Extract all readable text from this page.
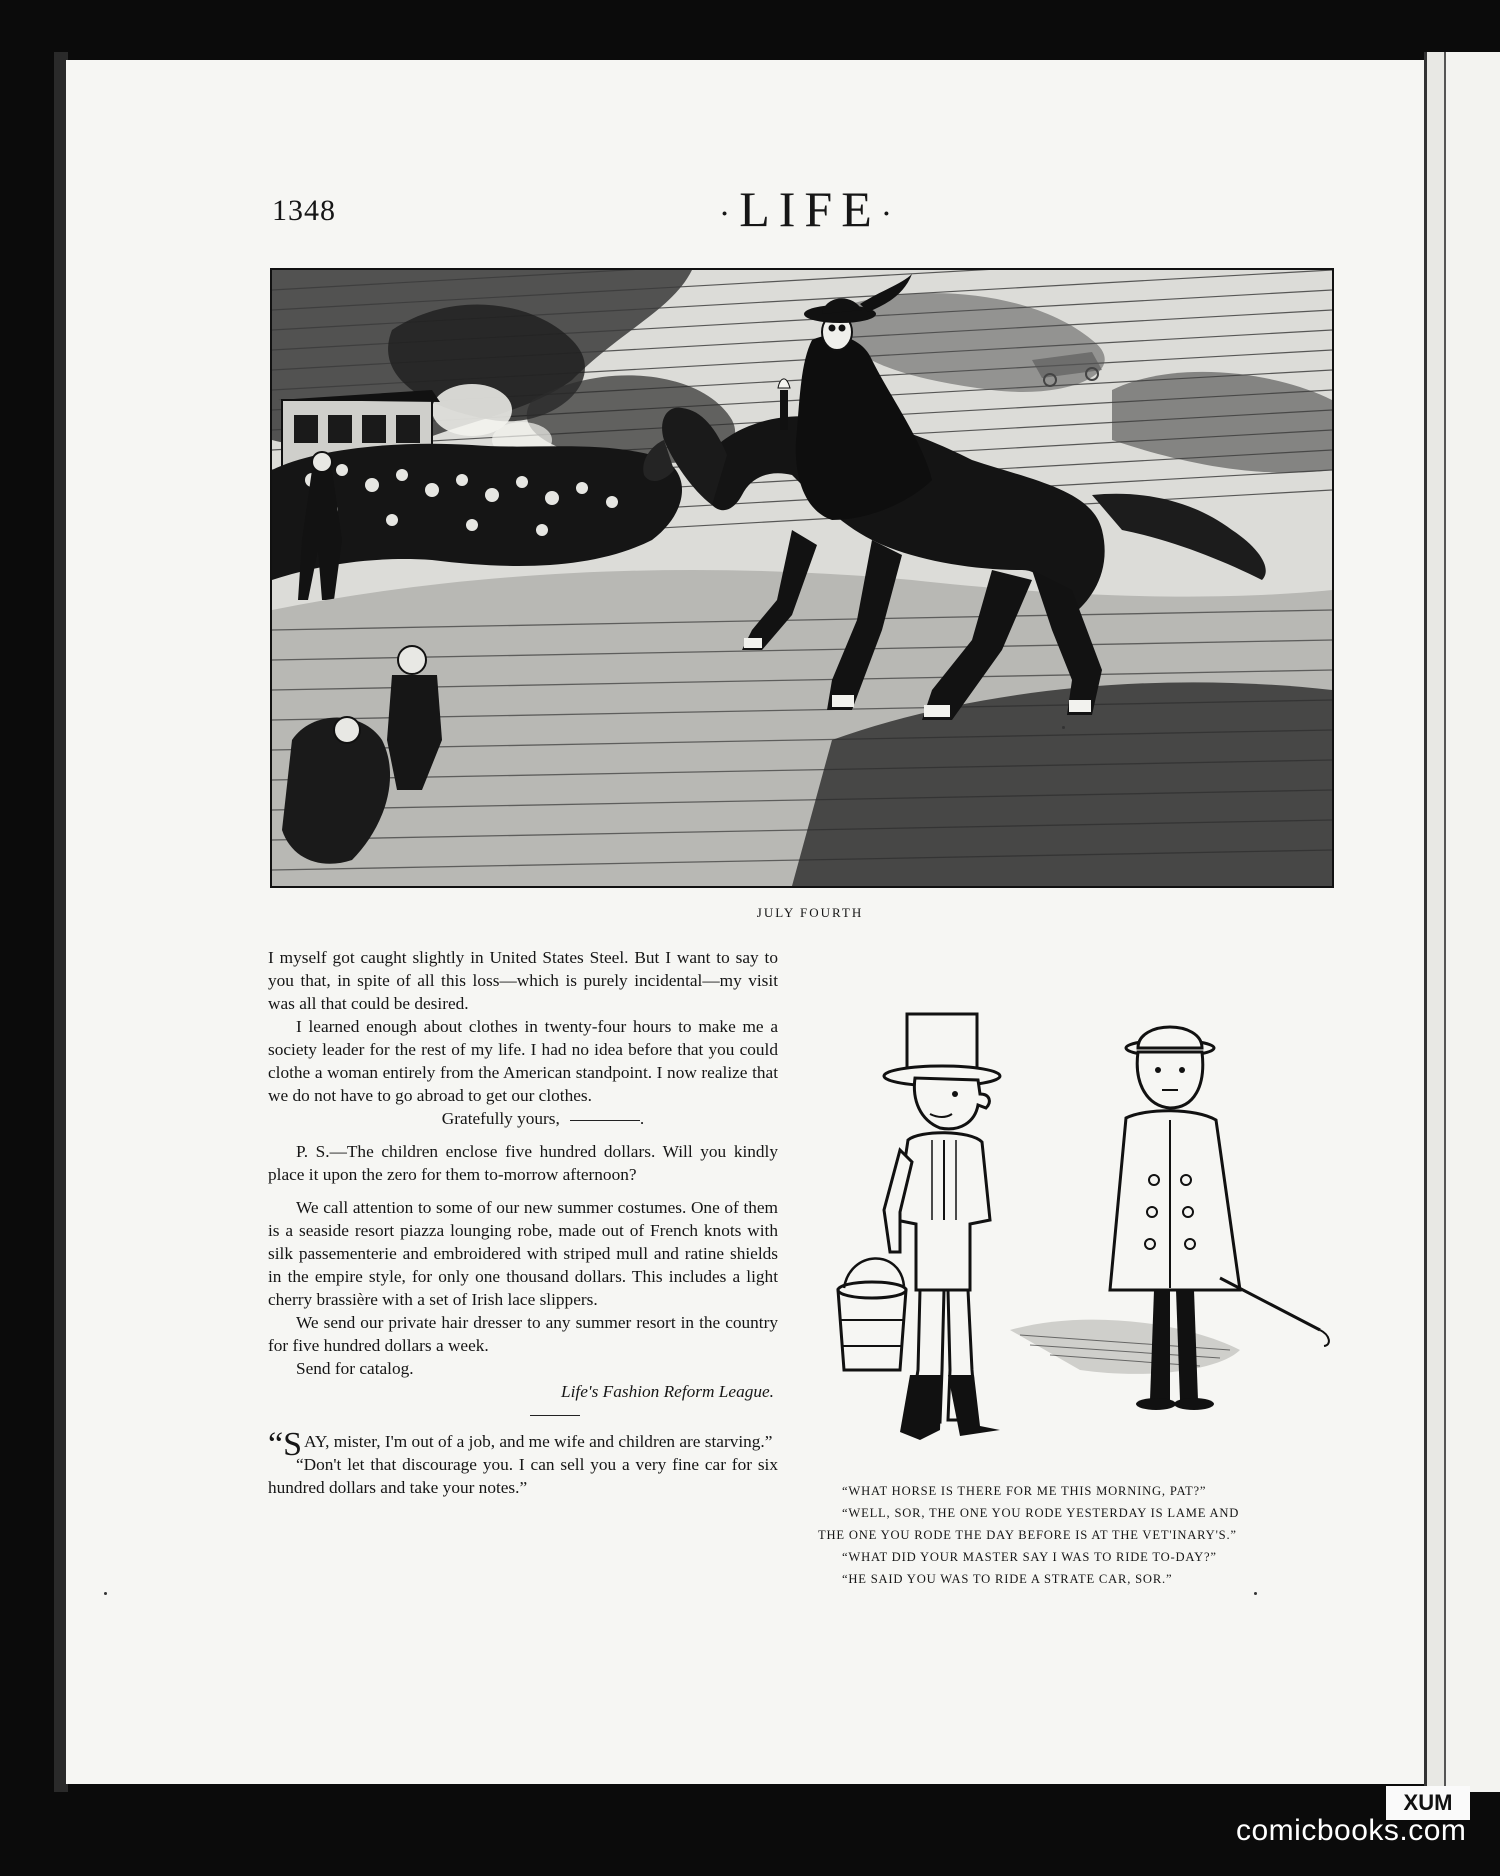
1348	·LIFE·
JULY FOURTH

I myself got caught slightly in United States Steel. But I want to say to you that, in spite of all this loss—which is purely incidental—my visit was all that could be desired.

I learned enough about clothes in twenty-four hours to make me a society leader for the rest of my life. I had no idea before that you could clothe a woman entirely from the American standpoint. I now realize that we do not have to go abroad to get our clothes.

Gratefully yours,	.

P. S.—The children enclose five hundred dollars. Will you kindly place it upon the zero for them to-morrow afternoon?

We call attention to some of our new summer costumes. One of them is a seaside resort piazza lounging robe, made out of French knots with silk passementerie and embroidered with striped mull and ratine shields in the empire style, for only one thousand dollars. This includes a light cherry brassière with a set of Irish lace slippers.

We send our private hair dresser to any summer resort in the country for five hundred dollars a week.

Send for catalog.

Life's Fashion Reform League.

“S AY, mister, I'm out of a job, and me wife and children are starving.”

“Don't let that discourage you. I can sell you a very fine car for six hundred dollars and take your notes.”	“WHAT HORSE IS THERE FOR ME THIS MORNING, PAT?”

“WELL, SOR, THE ONE YOU RODE YESTERDAY IS LAME AND

THE ONE YOU RODE THE DAY BEFORE IS AT THE VET'INARY'S.”

“WHAT DID YOUR MASTER SAY I WAS TO RIDE TO-DAY?”

“HE SAID YOU WAS TO RIDE A STRATE CAR, SOR.”

XUM
comicbooks.com
